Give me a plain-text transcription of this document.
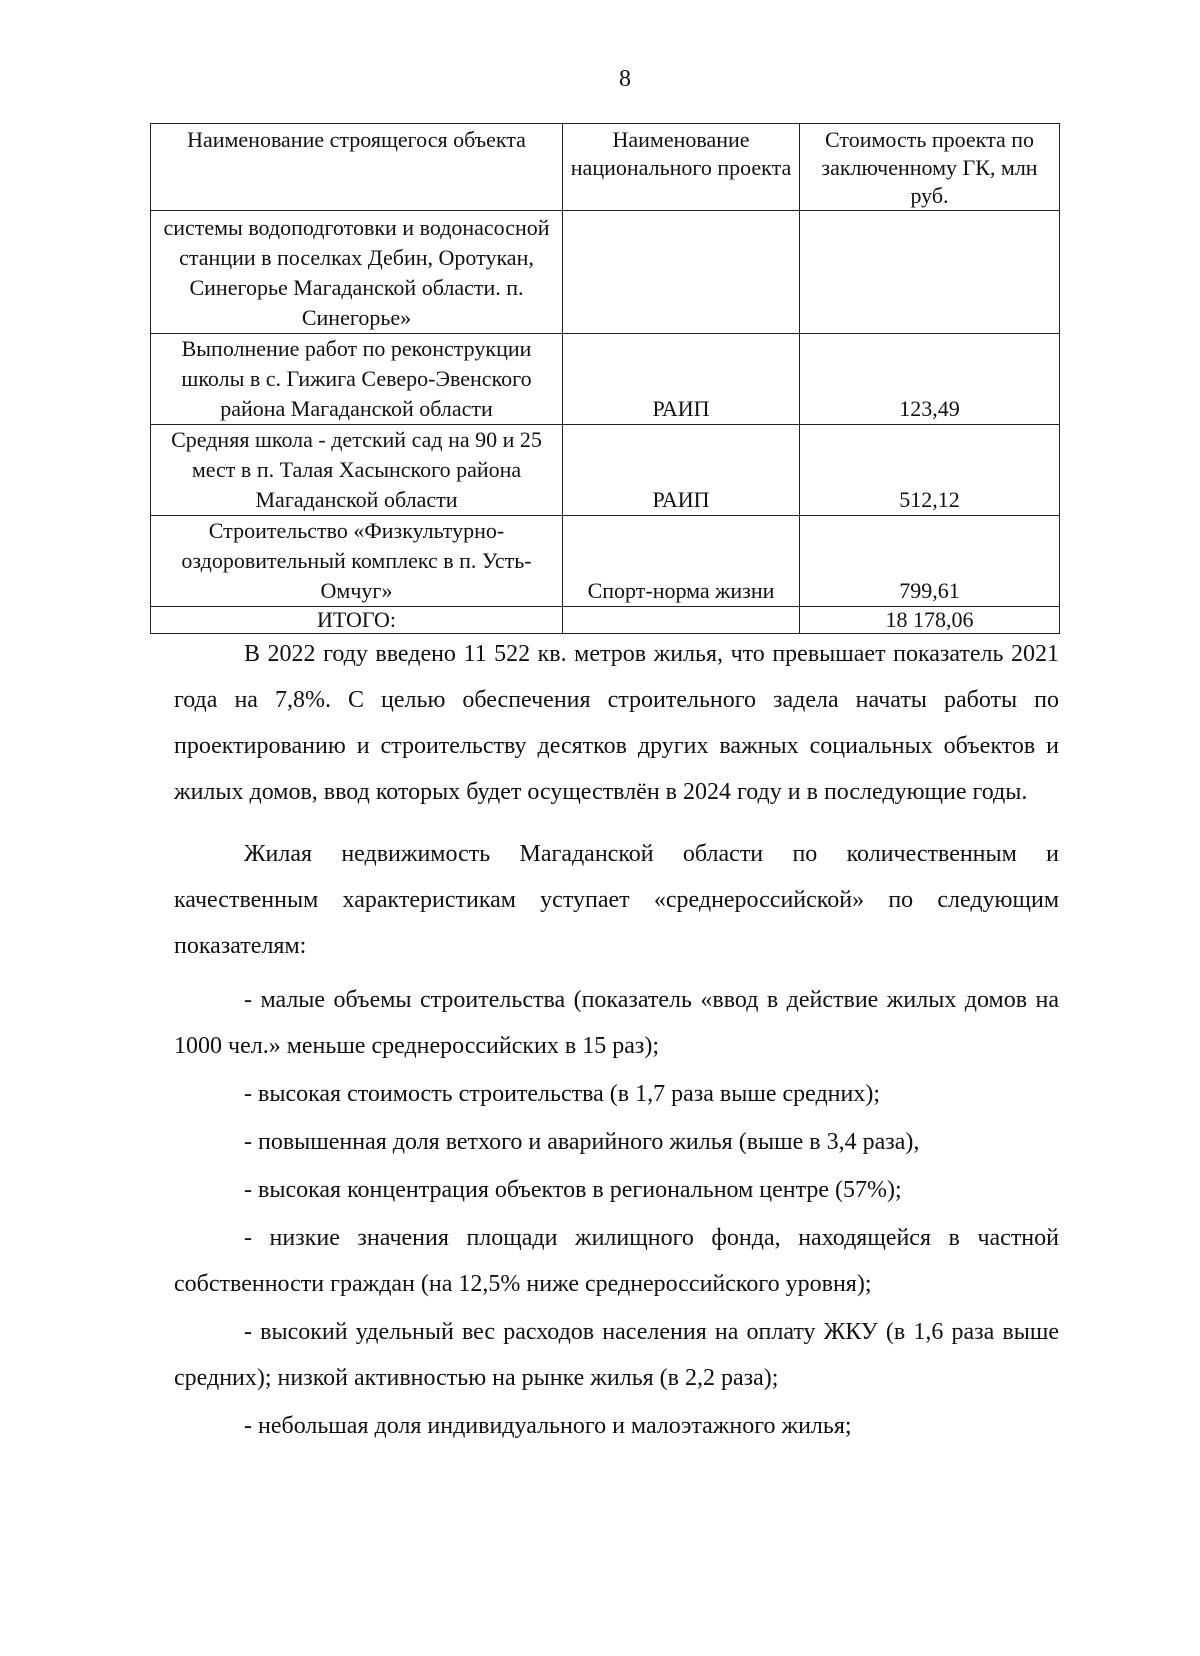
8
Наименование строящегося объекта	Наименование национального проекта	Стоимость проекта по заключенному ГК, млн руб.
системы водоподготовки и водонасосной станции в поселках Дебин, Оротукан, Синегорье Магаданской области. п. Синегорье»		
Выполнение работ по реконструкции школы в с. Гижига Северо-Эвенского района Магаданской области	РАИП	123,49
Средняя школа - детский сад на 90 и 25 мест в п. Талая Хасынского района Магаданской области	РАИП	512,12
Строительство «Физкультурно-оздоровительный комплекс в п. Усть-Омчуг»	Спорт-норма жизни	799,61
ИТОГО:		18 178,06

В 2022 году введено 11 522 кв. метров жилья, что превышает показатель 2021 года на 7,8%. С целью обеспечения строительного задела начаты работы по проектированию и строительству десятков других важных социальных объектов и жилых домов, ввод которых будет осуществлён в 2024 году и в последующие годы.

Жилая недвижимость Магаданской области по количественным и качественным характеристикам уступает «среднероссийской» по следующим показателям:

- малые объемы строительства (показатель «ввод в действие жилых домов на 1000 чел.» меньше среднероссийских в 15 раз);

- высокая стоимость строительства (в 1,7 раза выше средних);

- повышенная доля ветхого и аварийного жилья (выше в 3,4 раза),

- высокая концентрация объектов в региональном центре (57%);

- низкие значения площади жилищного фонда, находящейся в частной собственности граждан (на 12,5% ниже среднероссийского уровня);

- высокий удельный вес расходов населения на оплату ЖКУ (в 1,6 раза выше средних); низкой активностью на рынке жилья (в 2,2 раза);

- небольшая доля индивидуального и малоэтажного жилья;
